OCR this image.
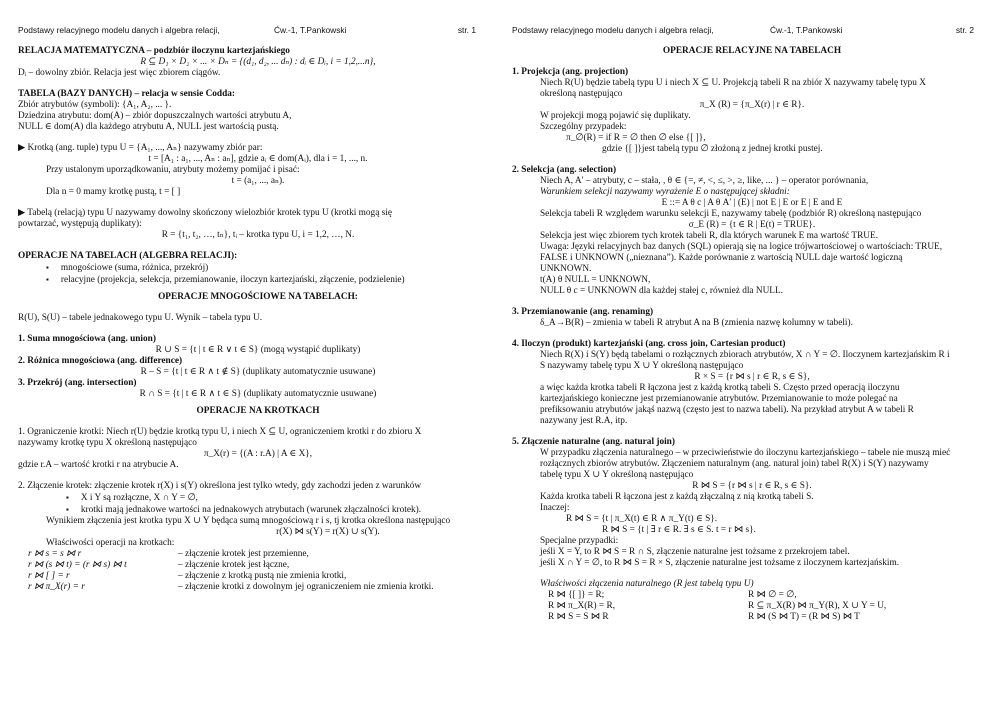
Podstawy relacyjnego modelu danych i algebra relacji,	Ćw.-1, T.Pankowski	str. 1
RELACJA MATEMATYCZNA – podzbiór iloczynu kartezjańskiego
R ⊆ D₁ × D₂ × ... × Dₙ = {(d₁, d₂, ... dₙ) : dᵢ ∈ Dᵢ, i = 1,2,...n},
Dᵢ – dowolny zbiór. Relacja jest więc zbiorem ciągów.
TABELA (BAZY DANYCH) – relacja w sensie Codda:
Zbiór atrybutów (symboli): {A₁, A₂, ... }.
Dziedzina atrybutu: dom(A) – zbiór dopuszczalnych wartości atrybutu A,
NULL ∈ dom(A) dla każdego atrybutu A, NULL jest wartością pustą.
▶ Krotką (ang. tuple) typu U = {A₁, ..., Aₙ} nazywamy zbiór par:
t = [A₁ : a₁, ..., Aₙ : aₙ], gdzie aᵢ ∈ dom(Aᵢ), dla i = 1, ..., n.
Przy ustalonym uporządkowaniu, atrybuty możemy pomijać i pisać:
t = (a₁, ..., aₙ).
Dla n = 0 mamy krotkę pustą, t = [ ]
▶ Tabelą (relacją) typu U nazywamy dowolny skończony wielozbiór krotek typu U (krotki mogą się
powtarzać, występują duplikaty):
R = {t₁, t₂, …, tₙ}, tᵢ – krotka typu U, i = 1,2, …, N.
OPERACJE NA TABELACH (ALGEBRA RELACJI):
▪ mnogościowe (suma, różnica, przekrój)
▪ relacyjne (projekcja, selekcja, przemianowanie, iloczyn kartezjański, złączenie, podzielenie)
OPERACJE MNOGOŚCIOWE NA TABELACH:
R(U), S(U) – tabele jednakowego typu U. Wynik – tabela typu U.
1. Suma mnogościowa (ang. union)
R ∪ S = {t | t ∈ R ∨ t ∈ S} (mogą wystąpić duplikaty)
2. Różnica mnogościowa (ang. difference)
R – S = {t | t ∈ R ∧ t ∉ S} (duplikaty automatycznie usuwane)
3. Przekrój (ang. intersection)
R ∩ S = {t | t ∈ R ∧ t ∈ S} (duplikaty automatycznie usuwane)
OPERACJE NA KROTKACH
1. Ograniczenie krotki: Niech r(U) będzie krotką typu U, i niech X ⊆ U, ograniczeniem krotki r do zbioru X
nazywamy krotkę typu X określoną następująco
π_X(r) = {(A : r.A) | A ∈ X},
gdzie r.A – wartość krotki r na atrybucie A.
2. Złączenie krotek: złączenie krotek r(X) i s(Y) określona jest tylko wtedy, gdy zachodzi jeden z warunków
▪ X i Y są rozłączne, X ∩ Y = ∅,
▪ krotki mają jednakowe wartości na jednakowych atrybutach (warunek złączalności krotek).
Wynikiem złączenia jest krotka typu X ∪ Y będąca sumą mnogościową r i s, tj krotka określona następująco
r(X) ⋈ s(Y) = r(X) ∪ s(Y).
Właściwości operacji na krotkach:
r ⋈ s = s ⋈ r	– złączenie krotek jest przemienne,
r ⋈ (s ⋈ t) = (r ⋈ s) ⋈ t	– złączenie krotek jest łączne,
r ⋈ [ ] = r	– złączenie z krotką pustą nie zmienia krotki,
r ⋈ π_X(r) = r	– złączenie krotki z dowolnym jej ograniczeniem nie zmienia krotki.
Podstawy relacyjnego modelu danych i algebra relacji,	Ćw.-1, T.Pankowski	str. 2
OPERACJE RELACYJNE NA TABELACH
1. Projekcja (ang. projection)
Niech R(U) będzie tabelą typu U i niech X ⊆ U. Projekcją tabeli R na zbiór X nazywamy tabelę typu X
określoną następująco
π_X (R) = {π_X(r) | r ∈ R}.
W projekcji mogą pojawić się duplikaty.
Szczególny przypadek:
π_∅(R) = if R = ∅ then ∅ else {[ ]},
gdzie {[ ]}jest tabelą typu ∅ złożoną z jednej krotki pustej.
2. Selekcja (ang. selection)
Niech A, A′ – atrybuty, c – stała, , θ ∈ {=, ≠, <, ≤, >, ≥, like, ... } – operator porównania,
Warunkiem selekcji nazywamy wyrażenie E o następującej składni:
E ::= A θ c | A θ A′ | (E) | not E | E or E | E and E
Selekcja tabeli R względem warunku selekcji E, nazywamy tabelę (podzbiór R) określoną następująco
σ_E (R) = {t ∈ R | E(t) = TRUE}.
Selekcja jest więc zbiorem tych krotek tabeli R, dla których warunek E ma wartość TRUE.
Uwaga: Języki relacyjnych baz danych (SQL) opierają się na logice trójwartościowej o wartościach: TRUE,
FALSE i UNKNOWN („nieznana”). Każde porównanie z wartością NULL daje wartość logiczną
UNKNOWN.
t(A) θ NULL = UNKNOWN,
NULL θ c = UNKNOWN dla każdej stałej c, również dla NULL.
3. Przemianowanie (ang. renaming)
δ_A→B(R) – zmienia w tabeli R atrybut A na B (zmienia nazwę kolumny w tabeli).
4. Iloczyn (produkt) kartezjański (ang. cross join, Cartesian product)
Niech R(X) i S(Y) będą tabelami o rozłącznych zbiorach atrybutów, X ∩ Y = ∅. Iloczynem kartezjańskim R i
S nazywamy tabelę typu X ∪ Y określoną następująco
R × S = {r ⋈ s | r ∈ R, s ∈ S},
a więc każda krotka tabeli R łączona jest z każdą krotką tabeli S. Często przed operacją iloczynu
kartezjańskiego konieczne jest przemianowanie atrybutów. Przemianowanie to może polegać na
prefiksowaniu atrybutów jakąś nazwą (często jest to nazwa tabeli). Na przykład atrybut A w tabeli R
nazywany jest R.A, itp.
5. Złączenie naturalne (ang. natural join)
W przypadku złączenia naturalnego – w przeciwieństwie do iloczynu kartezjańskiego – tabele nie muszą mieć
rozłącznych zbiorów atrybutów. Złączeniem naturalnym (ang. natural join) tabel R(X) i S(Y) nazywamy
tabelę typu X ∪ Y określoną następująco
R ⋈ S = {r ⋈ s | r ∈ R, s ∈ S}.
Każda krotka tabeli R łączona jest z każdą złączalną z nią krotką tabeli S.
Inaczej:
R ⋈ S = {t | π_X(t) ∈ R ∧ π_Y(t) ∈ S}.
R ⋈ S = {t | ∃ r ∈ R. ∃ s ∈ S. t = r ⋈ s}.
Specjalne przypadki:
jeśli X = Y, to R ⋈ S = R ∩ S, złączenie naturalne jest tożsame z przekrojem tabel.
jeśli X ∩ Y = ∅, to R ⋈ S = R × S, złączenie naturalne jest tożsame z iloczynem kartezjańskim.
Właściwości złączenia naturalnego (R jest tabelą typu U)
R ⋈ {[ ]} = R;	R ⋈ ∅ = ∅,
R ⋈ π_X(R) = R,	R ⊆ π_X(R) ⋈ π_Y(R), X ∪ Y = U,
R ⋈ S = S ⋈ R	R ⋈ (S ⋈ T) = (R ⋈ S) ⋈ T
